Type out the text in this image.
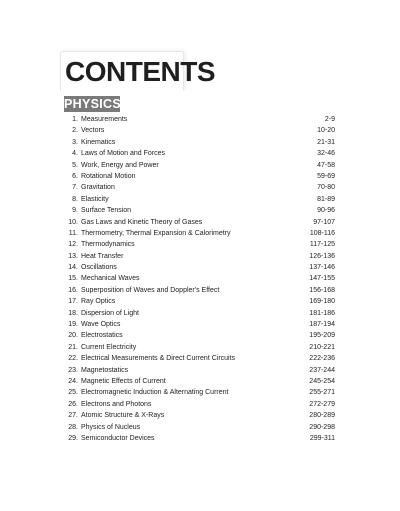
CONTENTS
PHYSICS
1. Measurements	2-9
2. Vectors	10-20
3. Kinematics	21-31
4. Laws of Motion and Forces	32-46
5. Work, Energy and Power	47-58
6. Rotational Motion	59-69
7. Gravitation	70-80
8. Elasticity	81-89
9. Surface Tension	90-96
10. Gas Laws and Kinetic Theory of Gases	97-107
11. Thermometry, Thermal Expansion & Calorimetry	108-116
12. Thermodynamics	117-125
13. Heat Transfer	126-136
14. Oscillations	137-146
15. Mechanical Waves	147-155
16. Superposition of Waves and Doppler's Effect	156-168
17. Ray Optics	169-180
18. Dispersion of Light	181-186
19. Wave Optics	187-194
20. Electrostatics	195-209
21. Current Electricity	210-221
22. Electrical Measurements & Direct Current Circuits	222-236
23. Magnetostatics	237-244
24. Magnetic Effects of Current	245-254
25. Electromagnetic Induction & Alternating Current	255-271
26. Electrons and Photons	272-279
27. Atomic Structure & X-Rays	280-289
28. Physics of Nucleus	290-298
29. Semiconductor Devices	299-311
